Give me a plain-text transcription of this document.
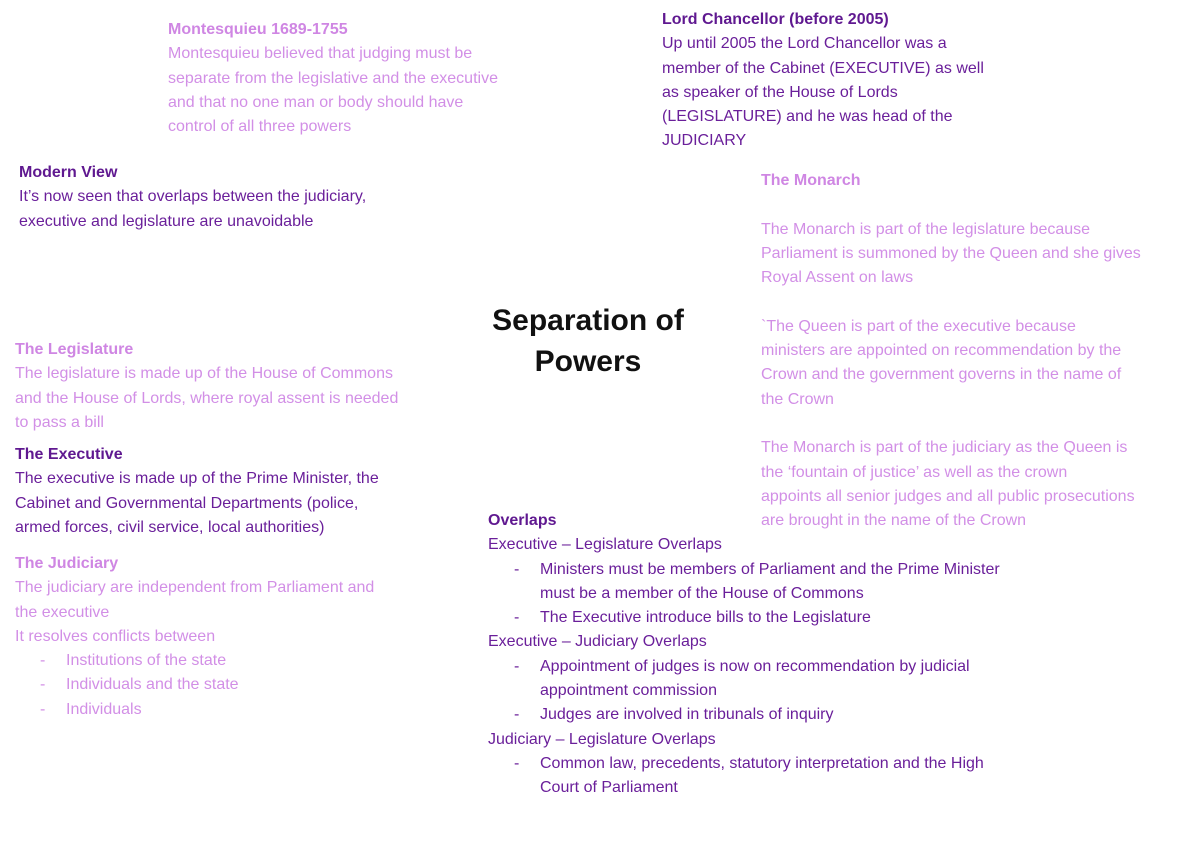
Montesquieu 1689-1755

Montesquieu believed that judging must be

separate from the legislative and the executive

and that no one man or body should have

control of all three powers

Lord Chancellor (before 2005)

Up until 2005 the Lord Chancellor was a

member of the Cabinet (EXECUTIVE) as well

as speaker of the House of Lords

(LEGISLATURE) and he was head of the

JUDICIARY

Modern View

It’s now seen that overlaps between the judiciary,

executive and legislature are unavoidable

The Monarch

The Monarch is part of the legislature because

Parliament is summoned by the Queen and she gives

Royal Assent on laws

`The Queen is part of the executive because

ministers are appointed on recommendation by the

Crown and the government governs in the name of

the Crown

The Monarch is part of the judiciary as the Queen is

the ‘fountain of justice’ as well as the crown

appoints all senior judges and all public prosecutions

are brought in the name of the Crown

Separation of
Powers

The Legislature

The legislature is made up of the House of Commons

and the House of Lords, where royal assent is needed

to pass a bill

The Executive

The executive is made up of the Prime Minister, the

Cabinet and Governmental Departments (police,

armed forces, civil service, local authorities)

The Judiciary

The judiciary are independent from Parliament and

the executive

It resolves conflicts between

- Institutions of the state
- Individuals and the state
- Individuals

Overlaps

Executive – Legislature Overlaps

- Ministers must be members of Parliament and the Prime Minister
must be a member of the House of Commons
- The Executive introduce bills to the Legislature

Executive – Judiciary Overlaps

- Appointment of judges is now on recommendation by judicial
appointment commission
- Judges are involved in tribunals of inquiry

Judiciary – Legislature Overlaps

- Common law, precedents, statutory interpretation and the High
Court of Parliament
